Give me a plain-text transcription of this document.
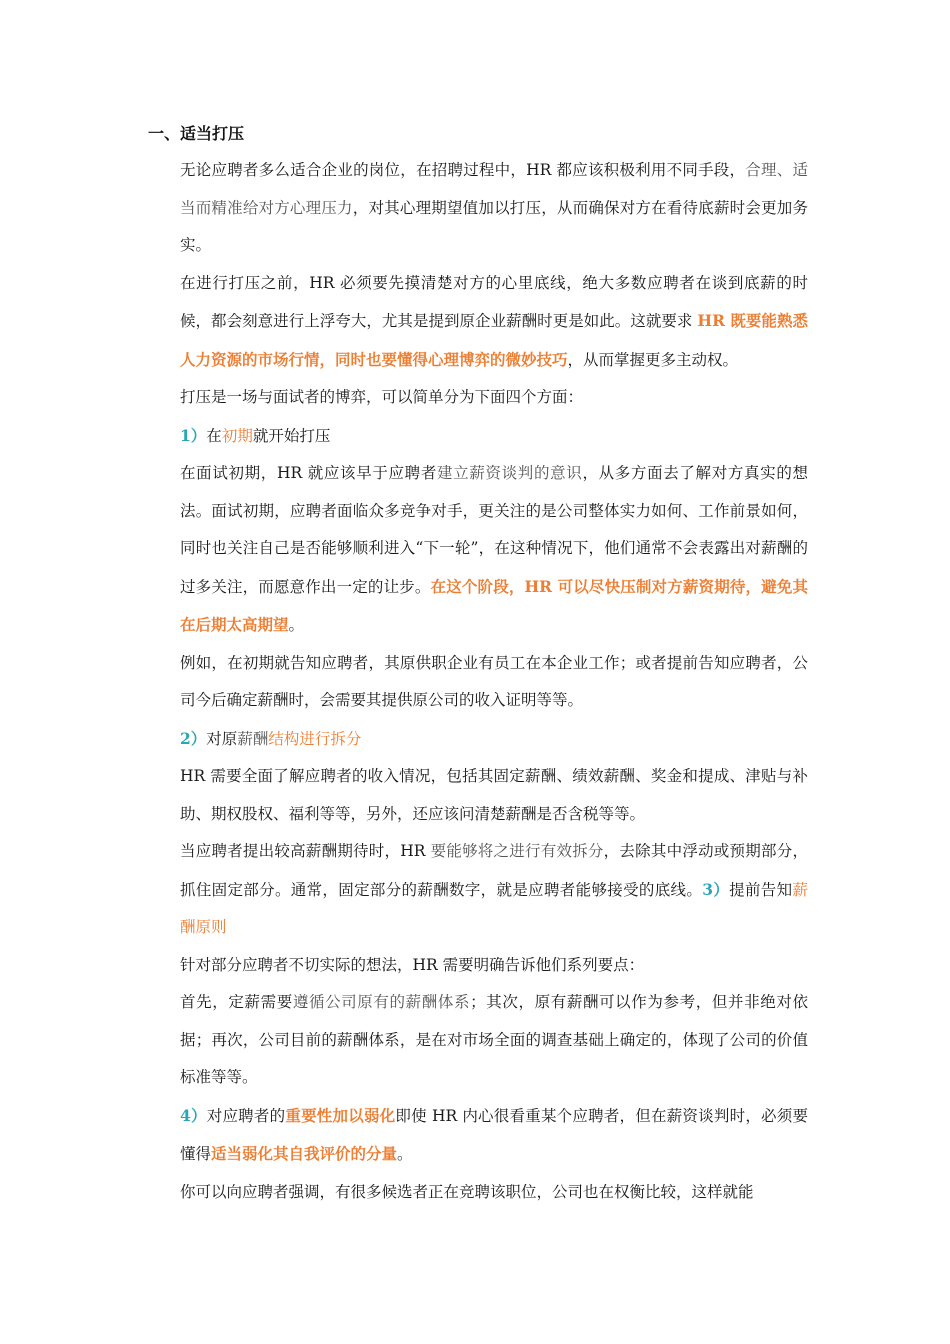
一、适当打压

无论应聘者多么适合企业的岗位，在招聘过程中，HR 都应该积极利用不同手段，合理、适当而精准给对方心理压力，对其心理期望值加以打压，从而确保对方在看待底薪时会更加务实。

在进行打压之前，HR 必须要先摸清楚对方的心里底线，绝大多数应聘者在谈到底薪的时候，都会刻意进行上浮夸大，尤其是提到原企业薪酬时更是如此。这就要求 HR 既要能熟悉人力资源的市场行情，同时也要懂得心理博弈的微妙技巧，从而掌握更多主动权。

打压是一场与面试者的博弈，可以简单分为下面四个方面：

1）在初期就开始打压

在面试初期，HR 就应该早于应聘者建立薪资谈判的意识，从多方面去了解对方真实的想法。面试初期，应聘者面临众多竞争对手，更关注的是公司整体实力如何、工作前景如何，同时也关注自己是否能够顺利进入“下一轮”，在这种情况下，他们通常不会表露出对薪酬的过多关注，而愿意作出一定的让步。在这个阶段，HR 可以尽快压制对方薪资期待，避免其在后期太高期望。

例如，在初期就告知应聘者，其原供职企业有员工在本企业工作；或者提前告知应聘者，公司今后确定薪酬时，会需要其提供原公司的收入证明等等。

2）对原薪酬结构进行拆分

HR 需要全面了解应聘者的收入情况，包括其固定薪酬、绩效薪酬、奖金和提成、津贴与补助、期权股权、福利等等，另外，还应该问清楚薪酬是否含税等等。

当应聘者提出较高薪酬期待时，HR 要能够将之进行有效拆分，去除其中浮动或预期部分，抓住固定部分。通常，固定部分的薪酬数字，就是应聘者能够接受的底线。3）提前告知薪酬原则

针对部分应聘者不切实际的想法，HR 需要明确告诉他们系列要点：

首先，定薪需要遵循公司原有的薪酬体系；其次，原有薪酬可以作为参考，但并非绝对依据；再次，公司目前的薪酬体系，是在对市场全面的调查基础上确定的，体现了公司的价值标准等等。

4）对应聘者的重要性加以弱化即使 HR 内心很看重某个应聘者，但在薪资谈判时，必须要懂得适当弱化其自我评价的分量。

你可以向应聘者强调，有很多候选者正在竞聘该职位，公司也在权衡比较，这样就能
